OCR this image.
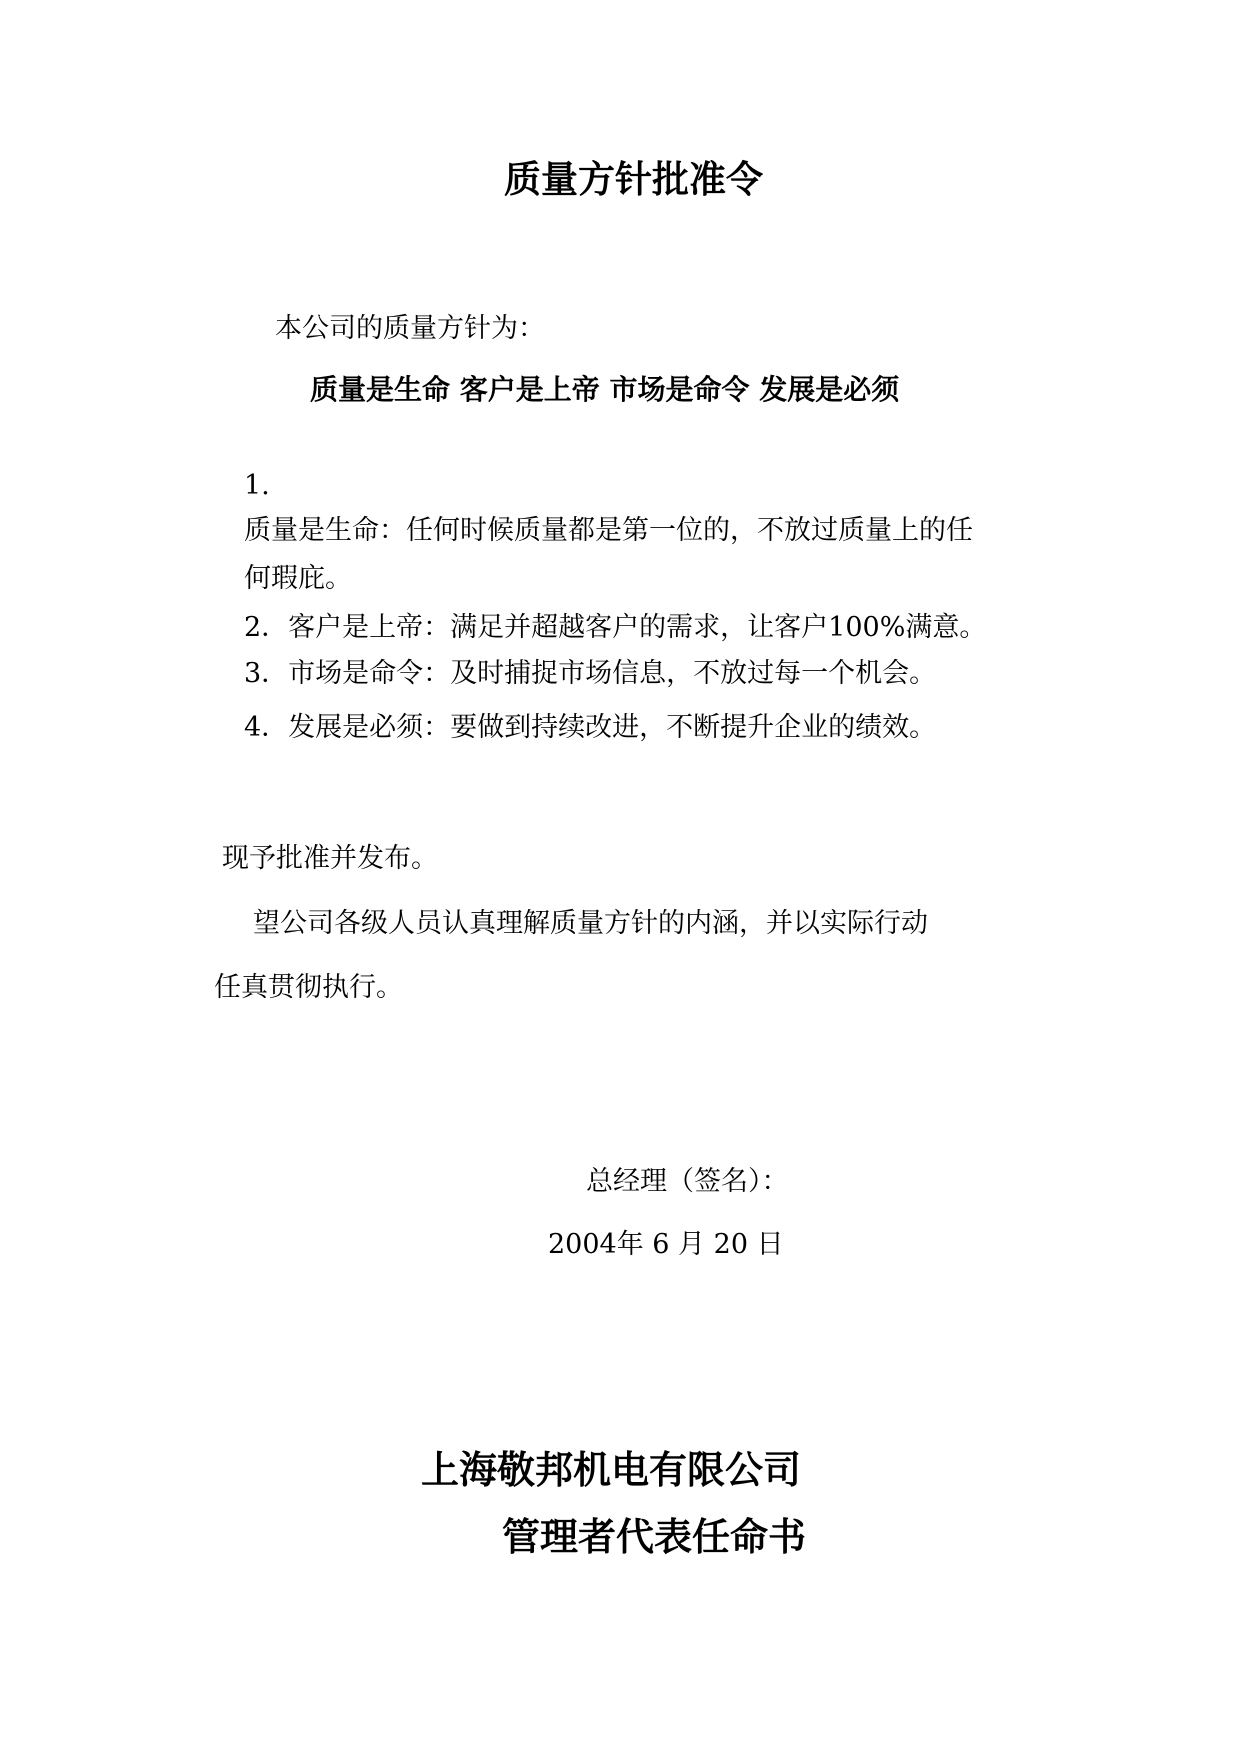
质量方针批准令
本公司的质量方针为：
质量是生命 客户是上帝 市场是命令 发展是必须
1.
质量是生命：任何时候质量都是第一位的，不放过质量上的任
何瑕庇。
2．客户是上帝：满足并超越客户的需求，让客户100%满意。
3．市场是命令：及时捕捉市场信息，不放过每一个机会。
4．发展是必须：要做到持续改进，不断提升企业的绩效。
现予批准并发布。
望公司各级人员认真理解质量方针的内涵，并以实际行动
任真贯彻执行。
总经理（签名）：
2004年 6 月 20 日
上海敬邦机电有限公司
管理者代表任命书
